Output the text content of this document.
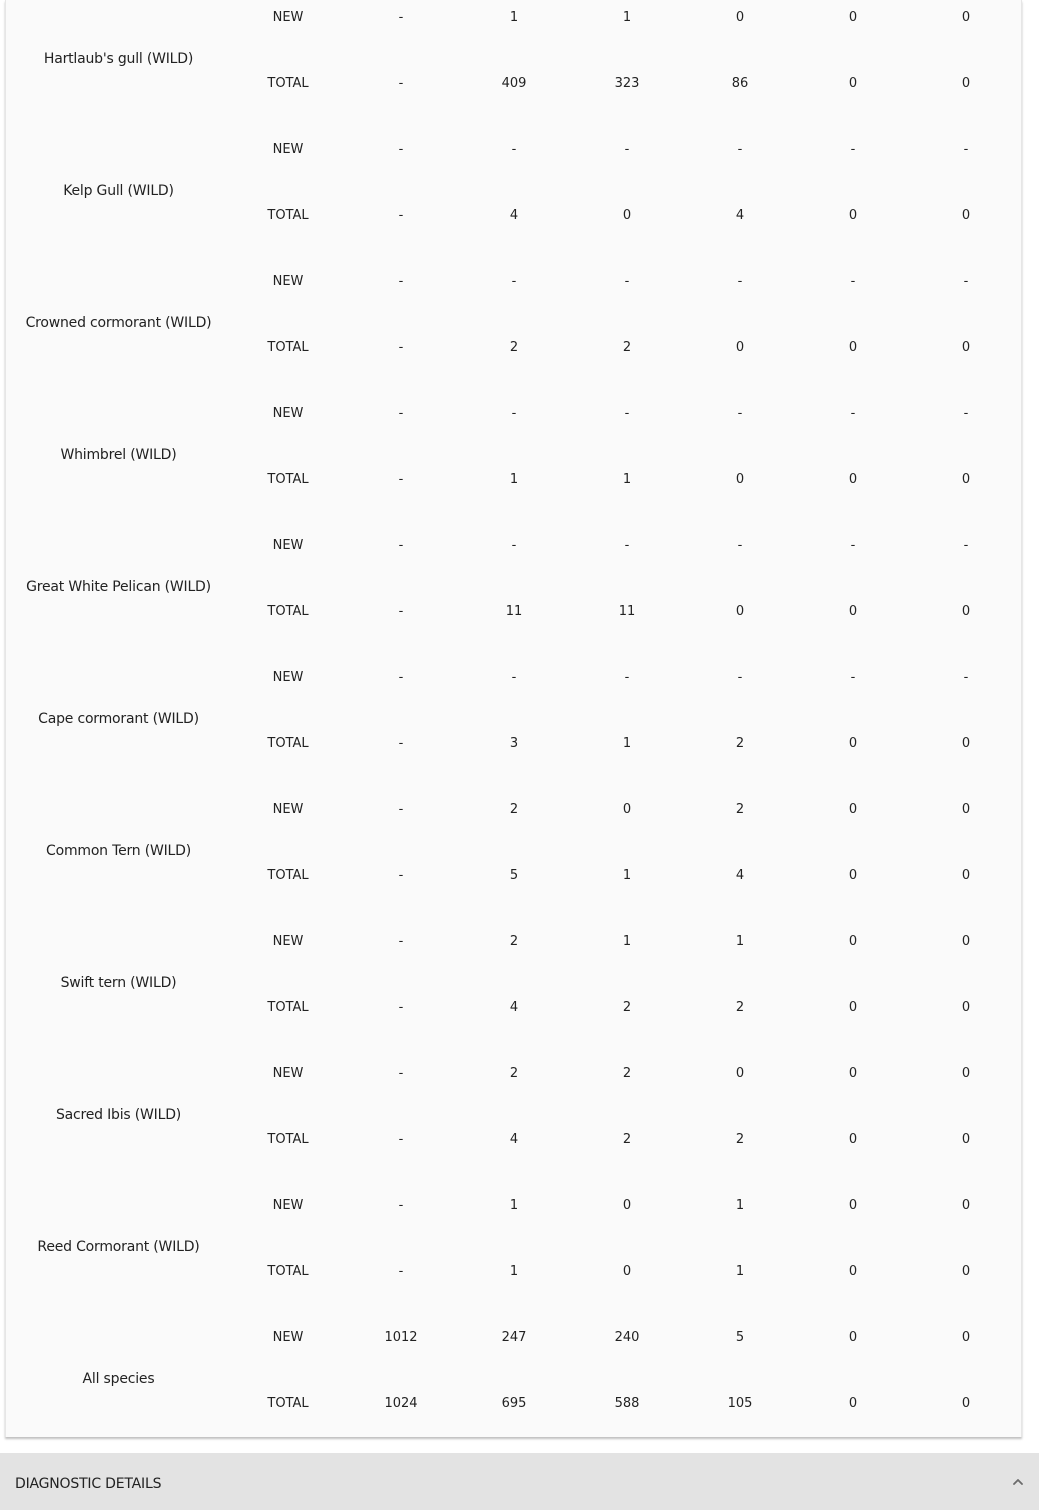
Hartlaub's gull (WILD)
NEW	-	1	1	0	0	0
TOTAL	-	409	323	86	0	0
Kelp Gull (WILD)
NEW	-	-	-	-	-	-
TOTAL	-	4	0	4	0	0
Crowned cormorant (WILD)
NEW	-	-	-	-	-	-
TOTAL	-	2	2	0	0	0
Whimbrel (WILD)
NEW	-	-	-	-	-	-
TOTAL	-	1	1	0	0	0
Great White Pelican (WILD)
NEW	-	-	-	-	-	-
TOTAL	-	11	11	0	0	0
Cape cormorant (WILD)
NEW	-	-	-	-	-	-
TOTAL	-	3	1	2	0	0
Common Tern (WILD)
NEW	-	2	0	2	0	0
TOTAL	-	5	1	4	0	0
Swift tern (WILD)
NEW	-	2	1	1	0	0
TOTAL	-	4	2	2	0	0
Sacred Ibis (WILD)
NEW	-	2	2	0	0	0
TOTAL	-	4	2	2	0	0
Reed Cormorant (WILD)
NEW	-	1	0	1	0	0
TOTAL	-	1	0	1	0	0
All species
NEW	1012	247	240	5	0	0
TOTAL	1024	695	588	105	0	0
DIAGNOSTIC DETAILS
